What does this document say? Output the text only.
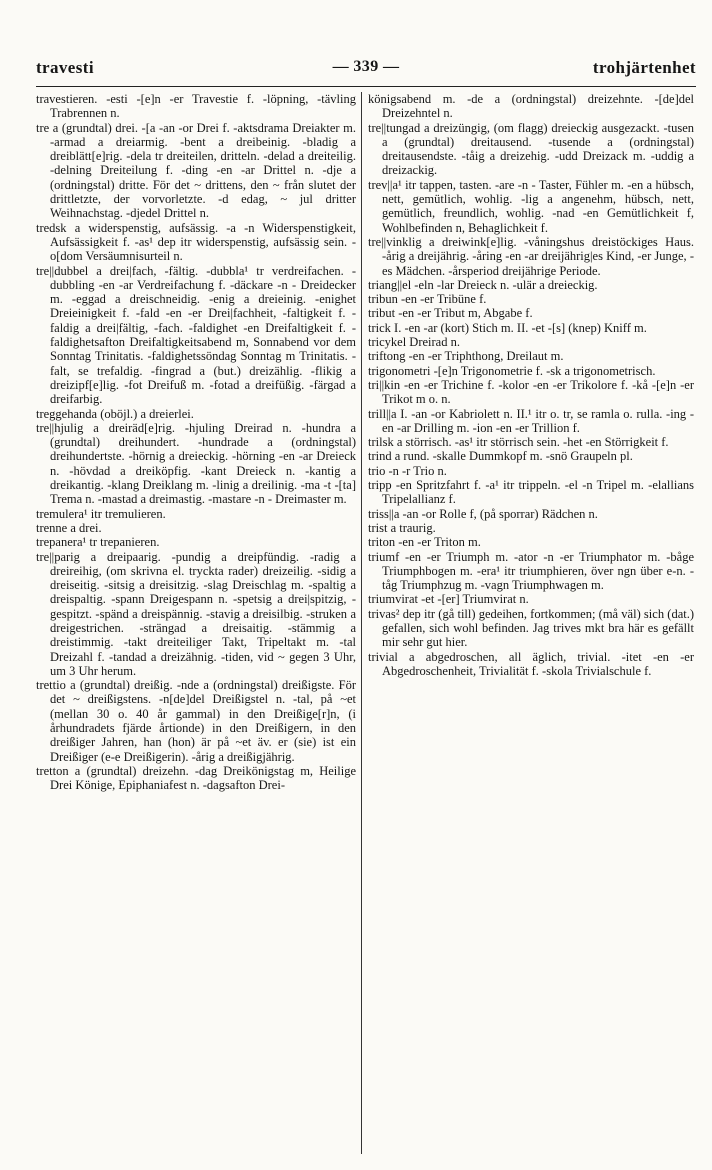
travesti	— 339 —	trohjärtenhet

travestieren. -esti -[e]n -er Travestie f. -löpning, -tävling Trabrennen n.

tre a (grundtal) drei. -[a -an -or Drei f. -aktsdrama Dreiakter m. -armad a dreiarmig. -bent a dreibeinig. -bladig a dreiblätt[e]rig. -dela tr dreiteilen, dritteln. -delad a dreiteilig. -delning Dreiteilung f. -ding -en -ar Drittel n. -dje a (ordningstal) dritte. För det ~ drittens, den ~ från slutet der drittletzte, der vorvorletzte. -d edag, ~ jul dritter Weihnachstag. -djedel Drittel n.

tredsk a widerspenstig, aufsässig. -a -n Widerspenstigkeit, Aufsässigkeit f. -as¹ dep itr widerspenstig, aufsässig sein. -o[dom Versäumnisurteil n.

tre||dubbel a drei|fach, -fältig. -dubbla¹ tr verdreifachen. -dubbling -en -ar Verdreifachung f. -däckare -n - Dreidecker m. -eggad a dreischneidig. -enig a dreieinig. -enighet Dreieinigkeit f. -fald -en -er Drei|fachheit, -faltigkeit f. -faldig a drei|fältig, -fach. -faldighet -en Dreifaltigkeit f. -faldighetsafton Dreifaltigkeitsabend m, Sonnabend vor dem Sonntag Trinitatis. -faldighetssöndag Sonntag m Trinitatis. -falt, se trefaldig. -fingrad a (but.) dreizählig. -flikig a dreizipf[e]lig. -fot Dreifuß m. -fotad a dreifüßig. -färgad a dreifarbig.

treggehanda (oböjl.) a dreierlei.

tre||hjulig a dreiräd[e]rig. -hjuling Dreirad n. -hundra a (grundtal) dreihundert. -hundrade a (ordningstal) dreihundertste. -hörnig a dreieckig. -hörning -en -ar Dreieck n. -hövdad a dreiköpfig. -kant Dreieck n. -kantig a dreikantig. -klang Dreiklang m. -linig a dreilinig. -ma -t -[ta] Trema n. -mastad a dreimastig. -mastare -n - Dreimaster m.

tremulera¹ itr tremulieren.

trenne a drei.

trepanera¹ tr trepanieren.

tre||parig a dreipaarig. -pundig a dreipfündig. -radig a dreireihig, (om skrivna el. tryckta rader) dreizeilig. -sidig a dreiseitig. -sitsig a dreisitzig. -slag Dreischlag m. -spaltig a dreispaltig. -spann Dreigespann n. -spetsig a drei|spitzig, -gespitzt. -spänd a dreispännig. -stavig a dreisilbig. -struken a dreigestrichen. -strängad a dreisaitig. -stämmig a dreistimmig. -takt dreiteiliger Takt, Tripeltakt m. -tal Dreizahl f. -tandad a dreizähnig. -tiden, vid ~ gegen 3 Uhr, um 3 Uhr herum.

trettio a (grundtal) dreißig. -nde a (ordningstal) dreißigste. För det ~ dreißigstens. -n[de]del Dreißigstel n. -tal, på ~et (mellan 30 o. 40 år gammal) in den Dreißige[r]n, (i århundradets fjärde årtionde) in den Dreißigern, in den dreißiger Jahren, han (hon) är på ~et äv. er (sie) ist ein Dreißiger (e-e Dreißigerin). -årig a dreißigjährig.

tretton a (grundtal) dreizehn. -dag Dreikönigstag m, Heilige Drei Könige, Epiphaniafest n. -dagsafton Drei-

königsabend m. -de a (ordningstal) dreizehnte. -[de]del Dreizehntel n.

tre||tungad a dreizüngig, (om flagg) dreieckig ausgezackt. -tusen a (grundtal) dreitausend. -tusende a (ordningstal) dreitausendste. -tåig a dreizehig. -udd Dreizack m. -uddig a dreizackig.

trev||a¹ itr tappen, tasten. -are -n - Taster, Fühler m. -en a hübsch, nett, gemütlich, wohlig. -lig a angenehm, hübsch, nett, gemütlich, freundlich, wohlig. -nad -en Gemütlichkeit f, Wohlbefinden n, Behaglichkeit f.

tre||vinklig a dreiwink[e]lig. -våningshus dreistöckiges Haus. -årig a dreijährig. -åring -en -ar dreijährig|es Kind, -er Junge, -es Mädchen. -årsperiod dreijährige Periode.

triang||el -eln -lar Dreieck n. -ulär a dreieckig.

tribun -en -er Tribüne f.

tribut -en -er Tribut m, Abgabe f.

trick I. -en -ar (kort) Stich m. II. -et -[s] (knep) Kniff m.

tricykel Dreirad n.

triftong -en -er Triphthong, Dreilaut m.

trigonometri -[e]n Trigonometrie f. -sk a trigonometrisch.

tri||kin -en -er Trichine f. -kolor -en -er Trikolore f. -kå -[e]n -er Trikot m o. n.

trill||a I. -an -or Kabriolett n. II.¹ itr o. tr, se ramla o. rulla. -ing -en -ar Drilling m. -ion -en -er Trillion f.

trilsk a störrisch. -as¹ itr störrisch sein. -het -en Störrigkeit f.

trind a rund. -skalle Dummkopf m. -snö Graupeln pl.

trio -n -r Trio n.

tripp -en Spritzfahrt f. -a¹ itr trippeln. -el -n Tripel m. -elallians Tripelallianz f.

triss||a -an -or Rolle f, (på sporrar) Rädchen n.

trist a traurig.

triton -en -er Triton m.

triumf -en -er Triumph m. -ator -n -er Triumphator m. -båge Triumphbogen m. -era¹ itr triumphieren, över ngn über e-n. -tåg Triumphzug m. -vagn Triumphwagen m.

triumvirat -et -[er] Triumvirat n.

trivas² dep itr (gå till) gedeihen, fortkommen; (må väl) sich (dat.) gefallen, sich wohl befinden. Jag trives mkt bra här es gefällt mir sehr gut hier.

trivial a abgedroschen, all äglich, trivial. -itet -en -er Abgedroschenheit, Trivialität f. -skola Trivialschule f.
